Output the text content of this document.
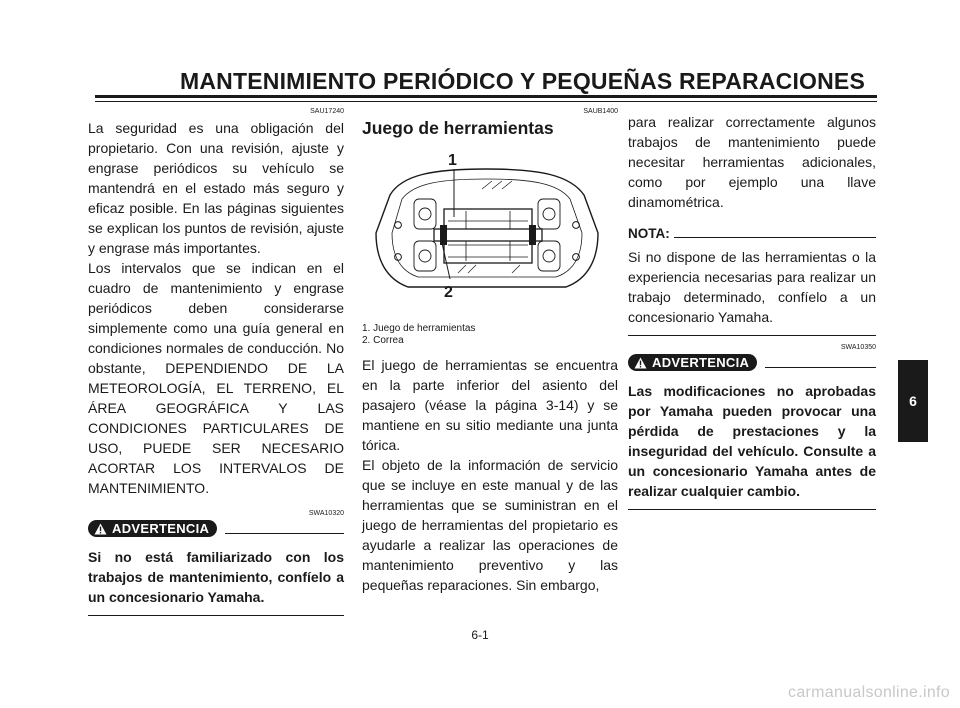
MANTENIMIENTO PERIÓDICO Y PEQUEÑAS REPARACIONES
SAU17240

La seguridad es una obligación del propietario. Con una revisión, ajuste y engrase periódicos su vehículo se mantendrá en el estado más seguro y eficaz posible. En las páginas siguientes se explican los puntos de revisión, ajuste y engrase más importantes.

Los intervalos que se indican en el cuadro de mantenimiento y engrase periódicos deben considerarse simplemente como una guía general en condiciones normales de conducción. No obstante, DEPENDIENDO DE LA METEOROLOGÍA, EL TERRENO, EL ÁREA GEOGRÁFICA Y LAS CONDICIONES PARTICULARES DE USO, PUEDE SER NECESARIO ACORTAR LOS INTERVALOS DE MANTENIMIENTO.

SWA10320
ADVERTENCIA

Si no está familiarizado con los trabajos de mantenimiento, confíelo a un concesionario Yamaha.

SAUB1400
Juego de herramientas
1
2
1. Juego de herramientas
2. Correa

El juego de herramientas se encuentra en la parte inferior del asiento del pasajero (véase la página 3-14) y se mantiene en su sitio mediante una junta tórica.

El objeto de la información de servicio que se incluye en este manual y de las herramientas que se suministran en el juego de herramientas del propietario es ayudarle a realizar las operaciones de mantenimiento preventivo y las pequeñas reparaciones. Sin embargo,

para realizar correctamente algunos trabajos de mantenimiento puede necesitar herramientas adicionales, como por ejemplo una llave dinamométrica.

NOTA:

Si no dispone de las herramientas o la experiencia necesarias para realizar un trabajo determinado, confíelo a un concesionario Yamaha.

SWA10350
ADVERTENCIA

Las modificaciones no aprobadas por Yamaha pueden provocar una pérdida de prestaciones y la inseguridad del vehículo. Consulte a un concesionario Yamaha antes de realizar cualquier cambio.

6
6-1
carmanualsonline.info
